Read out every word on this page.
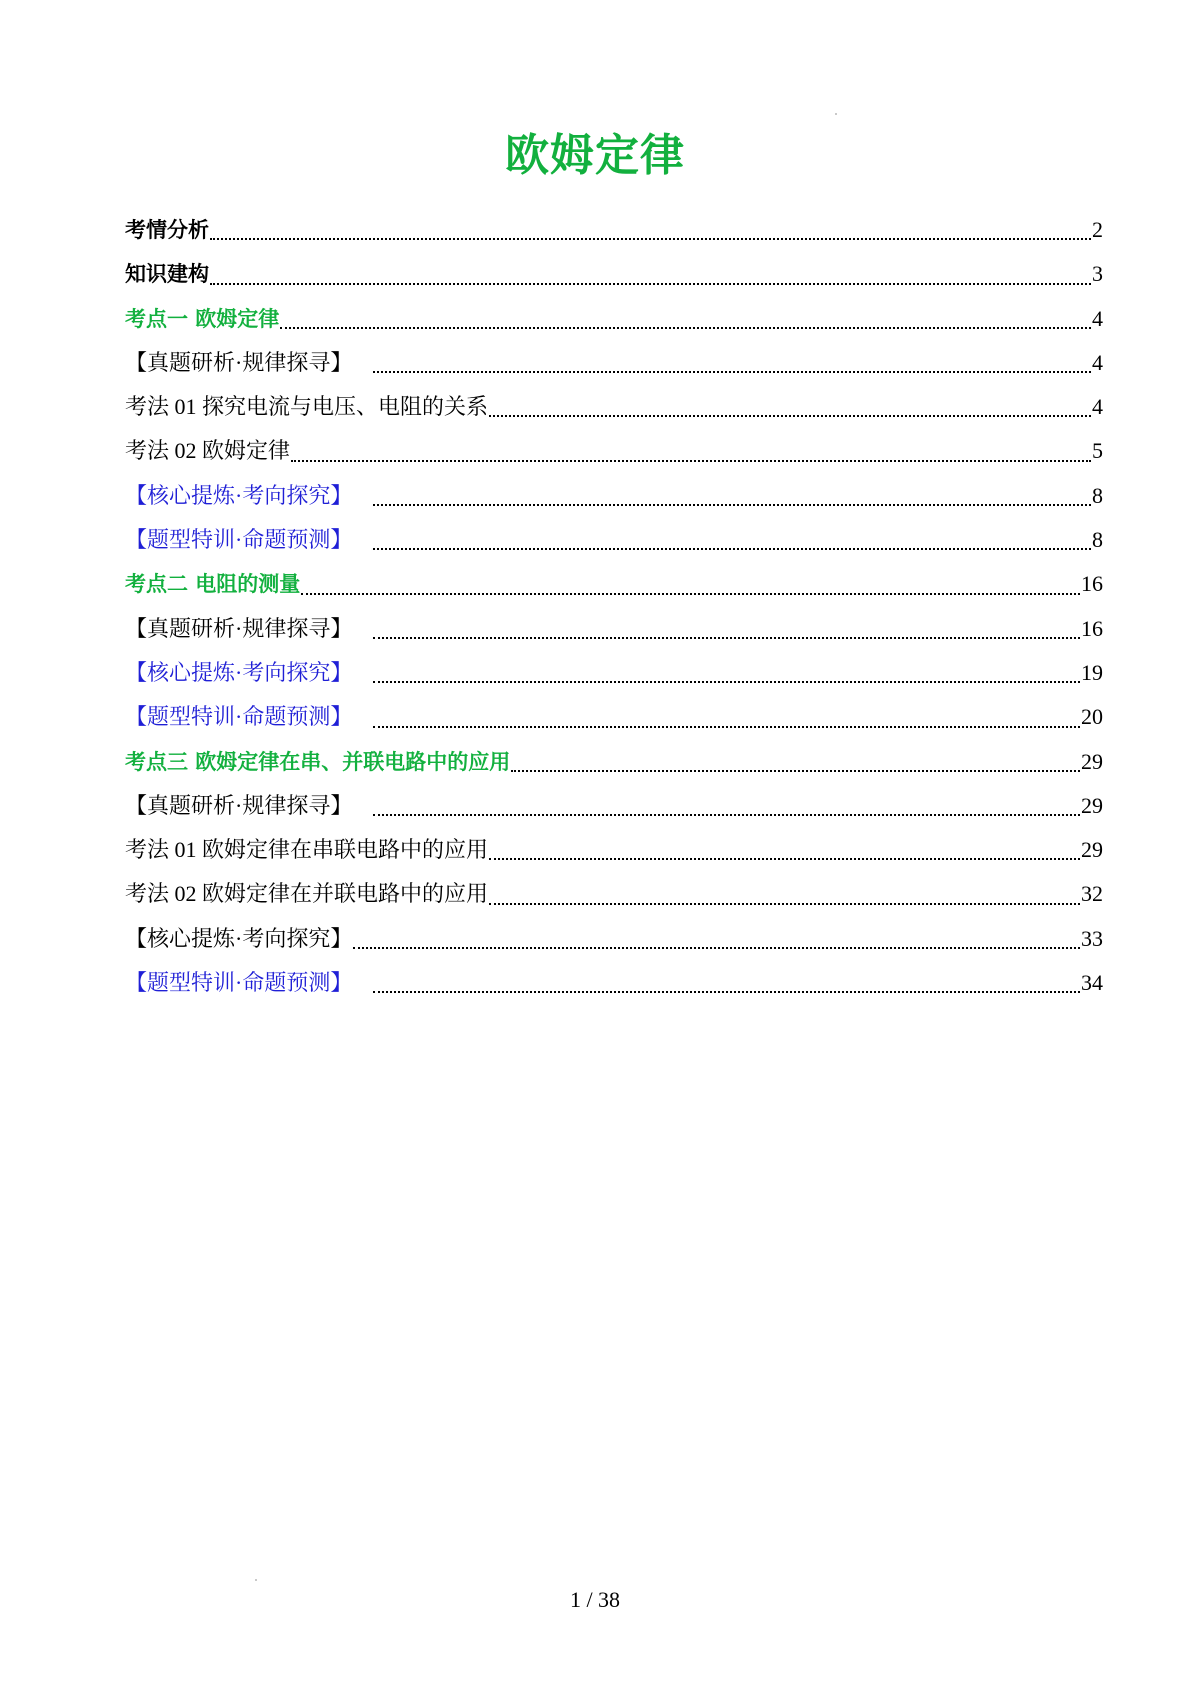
欧姆定律
考情分析	2
知识建构	3
考点一 欧姆定律	4
【真题研析·规律探寻】	4
考法 01 探究电流与电压、电阻的关系	4
考法 02 欧姆定律	5
【核心提炼·考向探究】	8
【题型特训·命题预测】	8
考点二 电阻的测量	16
【真题研析·规律探寻】	16
【核心提炼·考向探究】	19
【题型特训·命题预测】	20
考点三 欧姆定律在串、并联电路中的应用	29
【真题研析·规律探寻】	29
考法 01 欧姆定律在串联电路中的应用	29
考法 02 欧姆定律在并联电路中的应用	32
【核心提炼·考向探究】	33
【题型特训·命题预测】	34
1 / 38
